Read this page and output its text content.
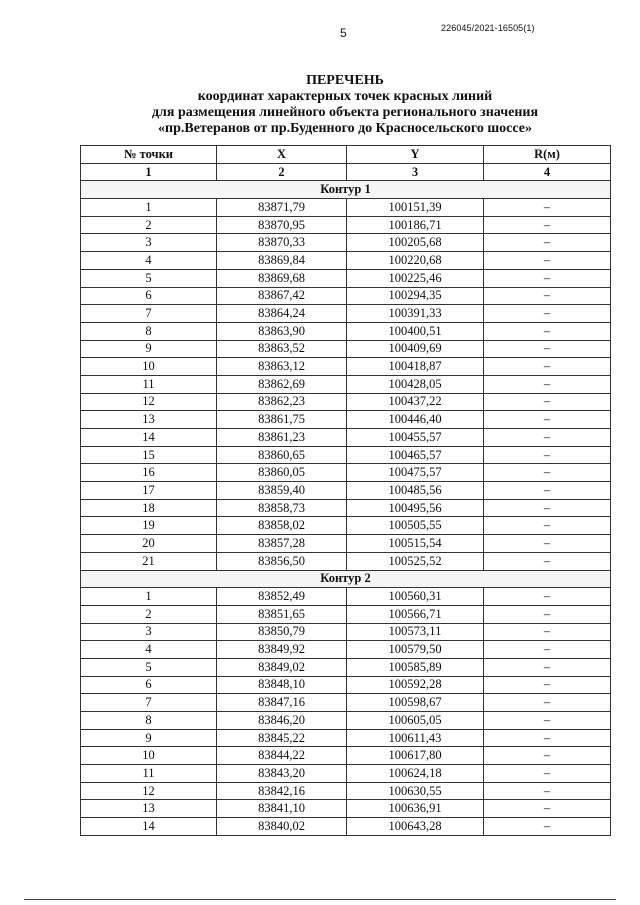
5	226045/2021-16505(1)
ПЕРЕЧЕНЬ
координат характерных точек красных линий
для размещения линейного объекта регионального значения
«пр.Ветеранов от пр.Буденного до Красносельского шоссе»
№ точки	X	Y	R(м)
1	2	3	4
Контур 1			
1	83871,79	100151,39	–
2	83870,95	100186,71	–
3	83870,33	100205,68	–
4	83869,84	100220,68	–
5	83869,68	100225,46	–
6	83867,42	100294,35	–
7	83864,24	100391,33	–
8	83863,90	100400,51	–
9	83863,52	100409,69	–
10	83863,12	100418,87	–
11	83862,69	100428,05	–
12	83862,23	100437,22	–
13	83861,75	100446,40	–
14	83861,23	100455,57	–
15	83860,65	100465,57	–
16	83860,05	100475,57	–
17	83859,40	100485,56	–
18	83858,73	100495,56	–
19	83858,02	100505,55	–
20	83857,28	100515,54	–
21	83856,50	100525,52	–
Контур 2			
1	83852,49	100560,31	–
2	83851,65	100566,71	–
3	83850,79	100573,11	–
4	83849,92	100579,50	–
5	83849,02	100585,89	–
6	83848,10	100592,28	–
7	83847,16	100598,67	–
8	83846,20	100605,05	–
9	83845,22	100611,43	–
10	83844,22	100617,80	–
11	83843,20	100624,18	–
12	83842,16	100630,55	–
13	83841,10	100636,91	–
14	83840,02	100643,28	–
